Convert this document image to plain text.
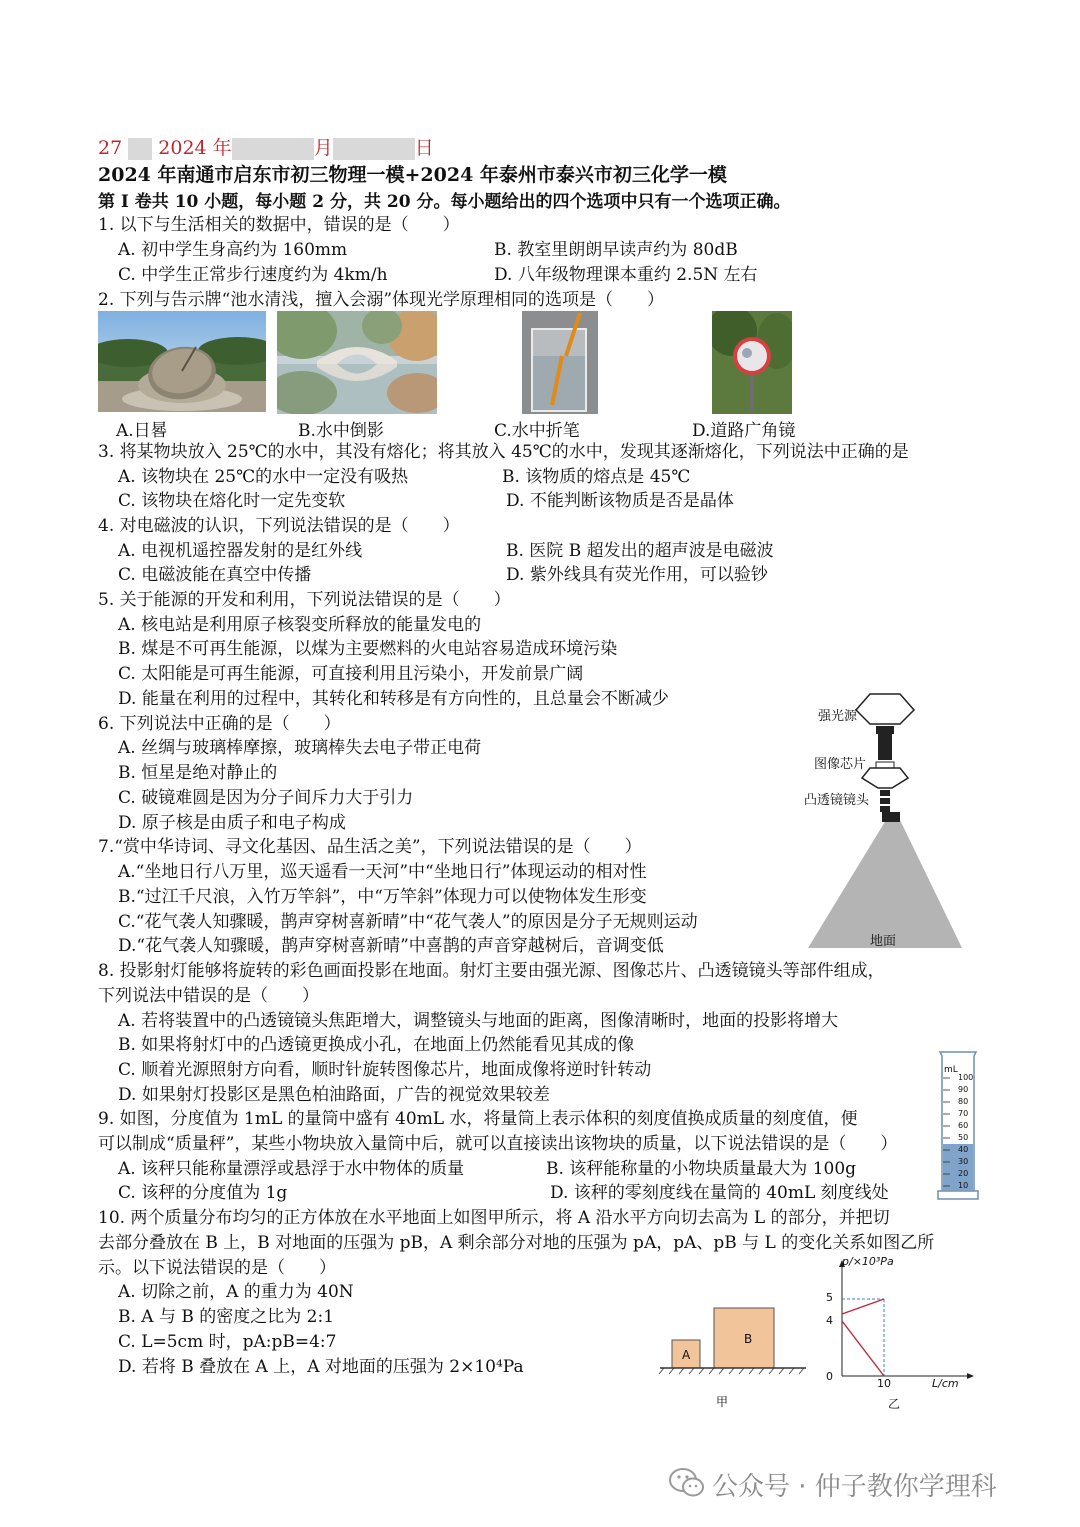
27 2024 年	月	日
2024 年南通市启东市初三物理一模+2024 年泰州市泰兴市初三化学一模
第 I 卷共 10 小题，每小题 2 分，共 20 分。每小题给出的四个选项中只有一个选项正确。
1. 以下与生活相关的数据中，错误的是（　　）
A. 初中学生身高约为 160mm	B. 教室里朗朗早读声约为 80dB
C. 中学生正常步行速度约为 4km/h	D. 八年级物理课本重约 2.5N 左右
2. 下列与告示牌“池水清浅，擅入会溺”体现光学原理相同的选项是（　　）
A.日晷	B.水中倒影	C.水中折笔	D.道路广角镜
3. 将某物块放入 25℃的水中，其没有熔化；将其放入 45℃的水中，发现其逐渐熔化，下列说法中正确的是
A. 该物块在 25℃的水中一定没有吸热	B. 该物质的熔点是 45℃
C. 该物块在熔化时一定先变软	D. 不能判断该物质是否是晶体
4. 对电磁波的认识，下列说法错误的是（　　）
A. 电视机遥控器发射的是红外线	B. 医院 B 超发出的超声波是电磁波
C. 电磁波能在真空中传播	D. 紫外线具有荧光作用，可以验钞
5. 关于能源的开发和利用，下列说法错误的是（　　）
A. 核电站是利用原子核裂变所释放的能量发电的
B. 煤是不可再生能源，以煤为主要燃料的火电站容易造成环境污染
C. 太阳能是可再生能源，可直接利用且污染小，开发前景广阔
D. 能量在利用的过程中，其转化和转移是有方向性的，且总量会不断减少
6. 下列说法中正确的是（　　）
A. 丝绸与玻璃棒摩擦，玻璃棒失去电子带正电荷
B. 恒星是绝对静止的
C. 破镜难圆是因为分子间斥力大于引力
D. 原子核是由质子和电子构成
7.“赏中华诗词、寻文化基因、品生活之美”，下列说法错误的是（　　）
A.“坐地日行八万里，巡天遥看一天河”中“坐地日行”体现运动的相对性
B.“过江千尺浪，入竹万竿斜”，中“万竿斜”体现力可以使物体发生形变
C.“花气袭人知骤暖，鹊声穿树喜新晴”中“花气袭人”的原因是分子无规则运动
D.“花气袭人知骤暖，鹊声穿树喜新晴”中喜鹊的声音穿越树后，音调变低
强光源
图像芯片
凸透镜镜头
地面
8. 投影射灯能够将旋转的彩色画面投影在地面。射灯主要由强光源、图像芯片、凸透镜镜头等部件组成，
下列说法中错误的是（　　）
A. 若将装置中的凸透镜镜头焦距增大，调整镜头与地面的距离，图像清晰时，地面的投影将增大
B. 如果将射灯中的凸透镜更换成小孔，在地面上仍然能看见其成的像
C. 顺着光源照射方向看，顺时针旋转图像芯片，地面成像将逆时针转动
D. 如果射灯投影区是黑色柏油路面，广告的视觉效果较差
mL
100
90
80
70
60
50
40
30
20
10
9. 如图，分度值为 1mL 的量筒中盛有 40mL 水，将量筒上表示体积的刻度值换成质量的刻度值，便
可以制成“质量秤”，某些小物块放入量筒中后，就可以直接读出该物块的质量，以下说法错误的是（　　）
A. 该秤只能称量漂浮或悬浮于水中物体的质量	B. 该秤能称量的小物块质量最大为 100g
C. 该秤的分度值为 1g	D. 该秤的零刻度线在量筒的 40mL 刻度线处
10. 两个质量分布均匀的正方体放在水平地面上如图甲所示，将 A 沿水平方向切去高为 L 的部分，并把切
去部分叠放在 B 上，B 对地面的压强为 pB，A 剩余部分对地的压强为 pA，pA、pB 与 L 的变化关系如图乙所
示。以下说法错误的是（　　）
A. 切除之前，A 的重力为 40N
B. A 与 B 的密度之比为 2:1
C. L=5cm 时，pA:pB=4:7
D. 若将 B 叠放在 A 上，A 对地面的压强为 2×10⁴Pa
A
B
甲
p/×10³Pa
5
4
0
10	L/cm
乙
公众号 · 仲子教你学理科
